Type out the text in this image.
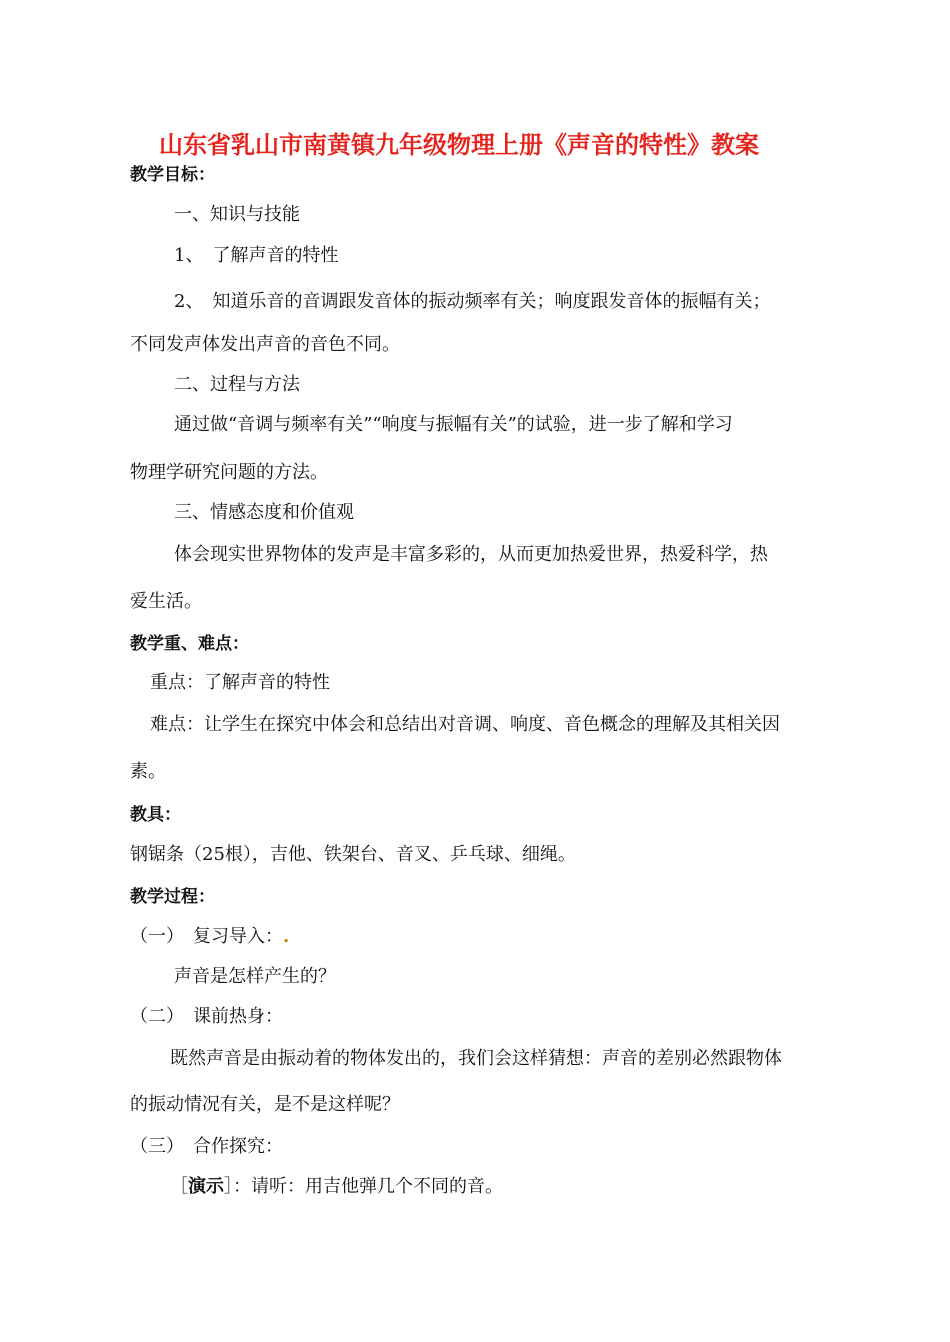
山东省乳山市南黄镇九年级物理上册《声音的特性》教案
教学目标：
一、知识与技能
1、　了解声音的特性
2、　知道乐音的音调跟发音体的振动频率有关；响度跟发音体的振幅有关；
不同发声体发出声音的音色不同。
二、过程与方法
通过做“音调与频率有关”“响度与振幅有关”的试验，进一步了解和学习
物理学研究问题的方法。
三、情感态度和价值观
体会现实世界物体的发声是丰富多彩的，从而更加热爱世界，热爱科学，热
爱生活。
教学重、难点：
重点：了解声音的特性
难点：让学生在探究中体会和总结出对音调、响度、音色概念的理解及其相关因
素。
教具：
钢锯条（25根），吉他、铁架台、音叉、乒乓球、细绳。
教学过程：
（一）　复习导入：.
声音是怎样产生的？
（二）　课前热身：
既然声音是由振动着的物体发出的，我们会这样猜想：声音的差别必然跟物体
的振动情况有关，是不是这样呢？
（三）　合作探究：
［演示］：请听：用吉他弹几个不同的音。
